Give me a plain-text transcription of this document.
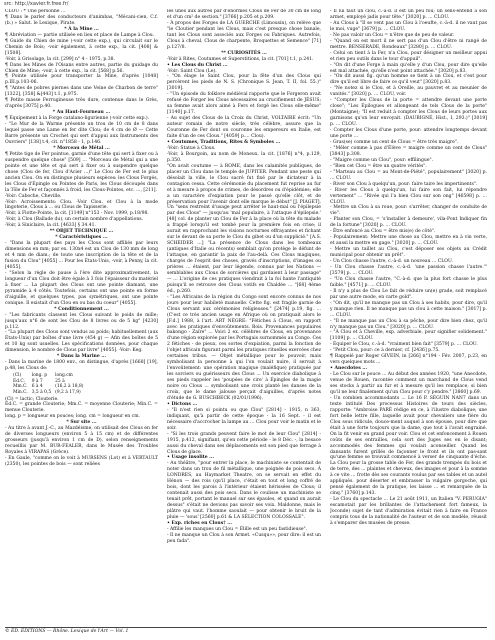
src: http://xavier.fr.free.fr/

CLOU : * Une personne ...

¶ Dans le parler des conducteurs d'animbas, "Mécani-cien, C.f.(b.) » Salut. le Lexique, Pirate.

* À la Mine ...

¶ Abréviation — partie utilisée en lieu et place de Lampe à Clou.

¶ Guide du Chien de mine (-voir cette exp.), qui circulait sur le Chemin de Bois; -voir également, à cette exp., la cit. [408] & [1508].

-Voir, à Grisolage, la cit. [299] n° 4 - 1975, p.38.

¶ Dans les Mines de l'Oisans entre autres, partie du guidage du Chien de Mine; -voir, à cette exp., la cit. [568] p.56.

¶ Pointe utilisée pour transporter la Mine, d'après [1048] p.III.p.103-06.

¶ "Antes de pobres piernes dans une Veine de Charbon de terre" [1322], [358] &[443] t.1, p.975.

¶ Petite masse Ferrugineuse très dure, contenue dans le Grès, d'après [3075] p.40.

* Au Haut-Fourneau ...

¶ Équipement à la Forge catalano-ligurienne (-voir cette exp.).

- "Le Mur de la Warme présente un trou de 10 cm de 8 dans lequel passe une Lame en fer dite Clou; de 4 cm de Ø — Cette Barre présente un Crochet qui sert d'appui aux Instruments des Ouvriers" [138] t.4, cit. n°1858 - 1, p.146.

* Morceau de Métal ...

¶ Petite tige de Fer pointue, garnie d'une tête qui sert à fixer ou à suspendre quelque chose" [509] ... "Morceau de Métal qui a une pointe et une tête et qui sert à fixer ou à suspendre quelque chose (Clou de fer, Clou d'Acier ...)" Le Clou de Fer est le plus ancien Clou. On en distingue plusieurs espèces: les Clous Forgés, les Clous d'Épingle ou Pointes de Paris, les Clous découpés dans la Tôle de Fer et façonnés à froid, les Clous-Pointes, etc. ..., [211].

-Voir: Caboche, Cheville.

-Voir: Acroissements: Clou. -Voir Clou. et Clou à la mode lingoterie, Clous à ... ou Clous de Tapisserie.

-Voir, à Flotte-Pointe, la cit. [1149] n°153 - Nov. 1999, p.18/98.

-Voir, à Clou (Ballade du), un certain nombre d'appellations.

-Voir, à Siniclaire, la cit. [4633] § 34.41.

** OBJET TECHNIQUE ...

* Caractéristiques ...

- "Dans la plupart des pays les Clous sont affiliés par leurs dimensions en mm; par ex. 130x4 est un Clou de 130 mm de long et 4 mm de diam.; de toute une inscription de la tête et de la fusion du Clou" [4055] ... Pour les États-Unis, -voir, à Penny, la cit. [4055].

- "Selon la règle de pause à l'ère dite approximativement, la longueur d'un Clou doit être égale à 3 fois l'épaisseur du matériel à fixer ... La plupart des Clous ont une pointe diamant, une pyramide à 4 côtés. Toutefois, certains ont une pointe en forme d'aiguille, et quelques types, pas symétriques, ont une pointe conique. Il existait d'un Clou en ou bas du coeur" [4055].

* Conditionnement ...

- "Les fabricants classent les Clous suivant le poids de mille; jusqu'aux n°6 de sont les Clou de 8 livres ou de 5 kg" [4230] p.112.

- "La plupart des Clous sont vendus au poids; habituellement (aux États-Unis) par boîtes d'une livre (454 g) — Afin des boîtes de 5 et 10 kg sont usuelles. Les spécifications données, pour chaque dimension, le nombre de Clous par livre" [4055]. -Voir: Keg.

* Dans la Marine ...

- Dans la marine de 1800 env., on distingue, d'après [1668] [19], p.48, les Clous de:

(Cl)	long. p	long.cm
Éd.C.	9 à 7	25 à
Mm.C.	6 à 4	(16,2 à 18,8)
Min.C.	3,5 à 0,5	(9,2 à 17,9)

(Cl) = lactic; Clouterie.

Éd.C. = grande Clouterie; Mm.C. = moyenne Clouterie; Min.C. = menue Clouterie.

long. p = longueur en pouces; long. cm = longueur en cm.

* Sur site ...

- Au titre à avant J.-C., au Mazdéisme, on utilisait des Clous en fer de diverses longueurs (environ 5 à 15 cm) et de différentes grosseurs (jusqu'à environ 1 cm de D), selon renseignements recueillis par M. BUR-FEALER, dans le Musée des Troubles Royales à VIRAPAS (Grèce).

- En Gaule, "comme on le voit à MURSENS (Lot) et à VERTAULT (2350), les pointes de bois — sont reliées

les unes aux autres par d'énormes Clous de Fer de 30 cm de long et d'un cm² de section." [3766] p.205 et p.209.

- À propos des Forges de LA GUERCHE (Limousin), on relève que "le Cloutier pendant les Clous, mais c'est presque chose banale, tant les Clous sont associés aux Forges ou Fabriques. Autrefois, Clous à cheval, Clous de charpente, Broquettes et Semence" [71] p.127/8.

** CURIOSITÉS ...

-Voir à Rites, Coutumes et Superstitions, la cit. [701] t.1, p.241.

• Les Clous du Christ ...

-Voir: Saint Clou (Le).

- "On élage le Saint Clou, pour la fête d'un des Clous qui percèrent les pieds de N. S. (Chronique S. Jean, T. II, fol. 55.)" [3019].

- "Un épisode du folklore médiéval rapporte que le Forgeron avait refusé de Forger les Clous nécessaires au crucifiement de JÉSUS; sa femme avait alors aimé à Fers et forgé les Clous elle-même" [1140] p.17.

- Au sujet des Clous de la Croix du Christ, VOLTAIRE écrit: "Un auteur romain de notre siècle, très célèbre, assure que la Couronne de Fer dont on couronne les empereurs en Italie, est faite d'un de ces Clous." [4059] p.… Clou).

• Coutumes, Traditions, Rites & Symboles ...

-Voir: Statue à Clous.

-Voir, à Bourgoin, au nom de Moneux, la cit. [1876] n°4, p.129, p.350.

"On avait coutume — à ROME, dans les calamités publiques, de placer un Clou dans le temple de JUPITER. Pendant une peste qui désolait la ville, le Clou sacré fut fixé par le dictateur à la contagion cessa. Cette cérémonie du placement fut reprise au fur et à mesure à propos de crimes, de désordres ou d'épidémies; elle a un caractère d'expiation pour le passé qu'elle clôt, et de préservation pour l'avenir dont elle marque le début" [J. PIAGET]. Un "sens restreint d'usage peut arrêter le haut-mal ou l'épilepsie par des Clous" — jusqu'au 'mal populaire, à l'attaque d'épilepsie.' [48] col. de planter un Clou de Fer à la place où la tête du malade a frappé lorsqu'il est tombé pour la première fois en crise; il aurait en rapprochant les visions nocturnes effrayantes et fichant sur le devant de sa porte le Clou du gibet ou d'un supplicié." [A.S. SCHEIDER ...] "La présence de Clous dans les tombeaux (antiques d'Italie ou récents) semblait qu'on protège le défunt de l'attaque, en garantir la paix de l'au-delà. Ces Clous magiques, chargés de l'esprit des choses, gravés d'inscriptions, d'images ou prières ... étaient, par leur légende, connus par les Nations — semblables aux Clous de sorcières qui gardaient à leur passage" — ... L'origine de ces pratiques viendrait à la foi hante l'antiquité puisqu'il se retrouve des Clous votifs en Chaldée ... "[68] 4ème éd., p.260.

- "Les Africains de la région du Congo sont encore connus de nos jours pour leur habileté manuelle. Cette fig. est fragile garnie de Clous servant aux cérémonies religieuses." [2474] p.19, fig. ... (C'est ce très ancien usage en Afrique où on pratiquait alors le [F.d.] 1988, à l'art. ART NÈGRE: "Fétiches à Clous, en rapport avec les pratiques d'envoûtements. Bois. Provenances populaires bakongo - Zaïre" ... Voici 2 ex. célèbres de Clous, en provenance d'une région explorée par les Portugais surnommés au Congo. Ces 2 fétiches - de pieux, ces sortes d'expiation, parmi la fonction de l'objet africain figurant parmi les pratiques rituelles exercées chez certaines tribus. — Objet métallique pour le pouvoir, mais symbolisant la personne à qui l'on voulait nuire, il servait à l'envoûtement: une opération magique (maléfique) pratiquée par les sorciers ou guérisseurs des Clous ... Un exercice diabolique à ses pieds rappeler les 'poupées de cire' à Épingles de la magie noire ou Clous ... symbolisant une croix planté les danses de la croix, que le dame jalouse perçait d'aiguilles, d'après notes d'étude de G. BUSCHBECK (02/01/1996).

• Dictons ...

- "Il n'est rien si pointu ou que Clou" [2814] - 1915, n 363, indiquant, qu'à partir de cette époque - la 16 Sept. - il est nécessaire d'accrocher la lampe au … Clou pour voir le matin et le soir.

- "Si les trois grands peuvent faire le mot de leur Clou" [2814] - 1915, p.412, signifiant, qu'en cette période - le 8 Déc. -, la besace aussi du cheval dans ses déplacements est son pied que ferrage à Clous de glace.

• Usage insolite ...

- Au théâtre, "pour entrer la place, le machiniste se contentait de noter dans un trou de fil métallique, une poignée de pois secs. À LONDRES, au Haymarket Theatre, on se servait en effet du Hénon — des rois (qu'il place, c'était en tout et long coffré de bois, dont les parois à l'intérieur étaient hérissées de Clous; il contenait aussi des pois secs. Dans le coulisse un machiniste se tenait prêt, portant le manuel sur ses épaules, et quand on aurait dessus" s'était ne devions pas savoir ses voix. Maldonne, mais le plâtre qui vaut. l'homme saoulait — pour obtenir le bruit de la pluie — 'sous' [2560] p.61 & LA SÉLECTION COLOSSALE".

• Exp. riches en Clous† ...

- Affilie les manques un Clou = Élille est un peu fastidieuse".

- Il ne manque un Clou à son Armet. «Cusqu»», pour dire: il est un peu fada".

- Il lui faut un clou, c.-à-d. il est un peu fou; un sens-entend à son armet, employé jadis pour tête." [3020] p. ... CLOU.

- Au Clous à "Il se vent pas un Clou à l'oeufte, c.-à-d. il ne vaut pas le moi, vuge" [3679] p. … CLOU.

- Ne pas valoir un Clou = n'être que de peu de valeur.

- "Quand on est mort il ne sert pas d'un Clou d'être ni rangé de mettre. BENSERADE, Rondeaux" [3280] p. … CLOU.

- Celui on tient à la Fer, n'a Clou, pour désigner un meilleur appui et rien peu outils dans le tour d'appuil".

- "On dit d'une Forge à main qu'elle y d'un Clou, pour dire qu'elle est mal attachée, qu'elle n'est point attachée." [3020] p.83.

- "On dit aussi fig. qu'un homme se tient à un Clou, et c'est pour dire qu'il est libre de faire ce qu'il veut" [3020] p.83.

- "Ne notez si le Clou, et à Oreille, au pauvret et au meunier de vanités." [3020] p. … CLOU, voir.

- "Compter les Clous de la porte = attendre devant une porte close"; "Les Épilogues et allongeant de tels Clous de la porte" (Montaigne); "Il est reduit à compter les Clous de leurs portes aux garnisons qu'on leur envoyait. (DAUBIGNÉ, Hist., I, 293.)" [3019] p. … CLOU.

- Compter les Clous d'une porte, pour: attendre longtemps devant une porte ...

- Gras(se) comme un cent de Clous = être très maigre".

- "Mêler comme à pas d'Élève = maigre comme un cent de Clous" [3843] p.308.

- "Maigre comme un Clou", pour: effilingue".

- "Bien cet Clou = être un quatre vérités".

- "Marteau au Clou = au Mont-de-Piété", populairement" [3020] p. … CLOU.

- River son Clou à quelqu'un, pour: faire taire les impertinents".

- River les Clous à quelqu'un, lui faire son fait, lui répondre vertement" ... "Rivée qui l'a bien Clou sur son ong" [46598] p. … CLOU.

- Mettre un Clou à sa roue, pour: s'arrêter, changer de conduite de vie".

- Planter son Clou, = 's'installer à demeure', vila-Pont Indiquer fin de la fortune" [3020] p. … CLOU.

- Être enfoncé au Clou = être mis(e) de côté".

- Populairement: Mettre une chose au Clou, mettre en à vin verte, et aussi la mettre en gage." [3020] p. … CLOU.

- Mettre un taillet au Clou, c'est déposer ses objets au Crédit municipal pour obtenir un prêt".

- Un Clou chasse l'autre, c.-à-d. un nouveau ... CLOU.

- Un Clou chasse l'autre, c.-à-d. 'une passion chasse l'autre.'" [3579] p. … CLOU.

- "Un Clou chasse l'autre, "C.-à-d. que la plus fort chasse le plus faible." [4571] p. … CLOU.

- Il n'y a plus de Clou Le fait de réduire un(e) grade, soit remplacé par une autre mode, en carte gold".

- "On dit, qu'il ne manque pas un Clou à ses habits, pour dire, qu'il y manque rien. Il ne manque pas un clou à cette maison." [3017] p. … CLOU.

- "Il ne manque pas un Clou à sa pêche, pour dire bien chez, qu'il n'y manque pas un Clou." [3020] p. … CLOU.

- "À Clou et à Cheville, exp. adverbiale, pour signifier solidement." [1109] p. … CLOU.

- Équiper le Clou, c.-à-d. "vraiment bien fait" [3579] p. … CLOU.

- "Petit Clou, pour: ce à dernier, cf. [2436] p.75.

¶ Rappelé par Roger GIVEIN, in [266] n°194 - Fév. 2007, p.23, en vers quelques mots ...

• Anecdotes ...

- Le Clou sur le pouce ... Au début des années 1920, "une Anecdote, venue de Rouen, racontée comment un marchand de Clous vend ses stocks à partir au fur et à mesure qu'il les remplace, si bien qu'il ne leur finalement qu'un Clou pour c'y pendre." [3860] p.69.

- Un combien accommodants ... Le 16 P. SÉGUIN NAN7 dans un texte intitulé Des processus Histoires de tours des siècles, rapporte: "Ambroise PARÉ rédige en ce, à l'ilustre diabolique; une fort belle lettre fille, laquelle avait pour chevaliers une fière du Clou sous ridicule, douce-ment auquel à son épouse, pour dire que était à une forte toujours que la dame, que tout à l'avait engrainé. On la fit venir en grand pour voir. Clou et cet enfoncement à Rouen coûts de ses entrailles, cela sort des Juges ses en le disant; accommodés des femmes qui voulait aconseiller. Quand les dansants furent grillés de façonner le front et ils ont pas-sant qu'une femme se trouvait commencé à verser de cinquante d'écho. La Clou pour la grosse table de Fer, des grands trempés du bois et de terre, des ... plaintes et cheveux, des images et pour à la somme à ce vite ... frotte dès ses courants voulus par ses tables et un autel appliqués. pour déserter et embrasser la vulgaire gorgoche, qui pensé également de la pratique, les laisse ... et remarquée de la cinq." [3760] p.143.

- Le Clou du spectacle ... Le 21 août 1911, un Italien "V. PERUGIA" escamotait par les brillantes de l'attachement fort fameux, la Joconde) sujet de tant d'admiration évitait rien à faire en France compris tous de la nationalité de l'auteur et de son modèle, réussit à s'emparer des musées de presse.

© ÉD. ÉDITIONS — Rhône. Lexique de l'Art — Vol. 1
